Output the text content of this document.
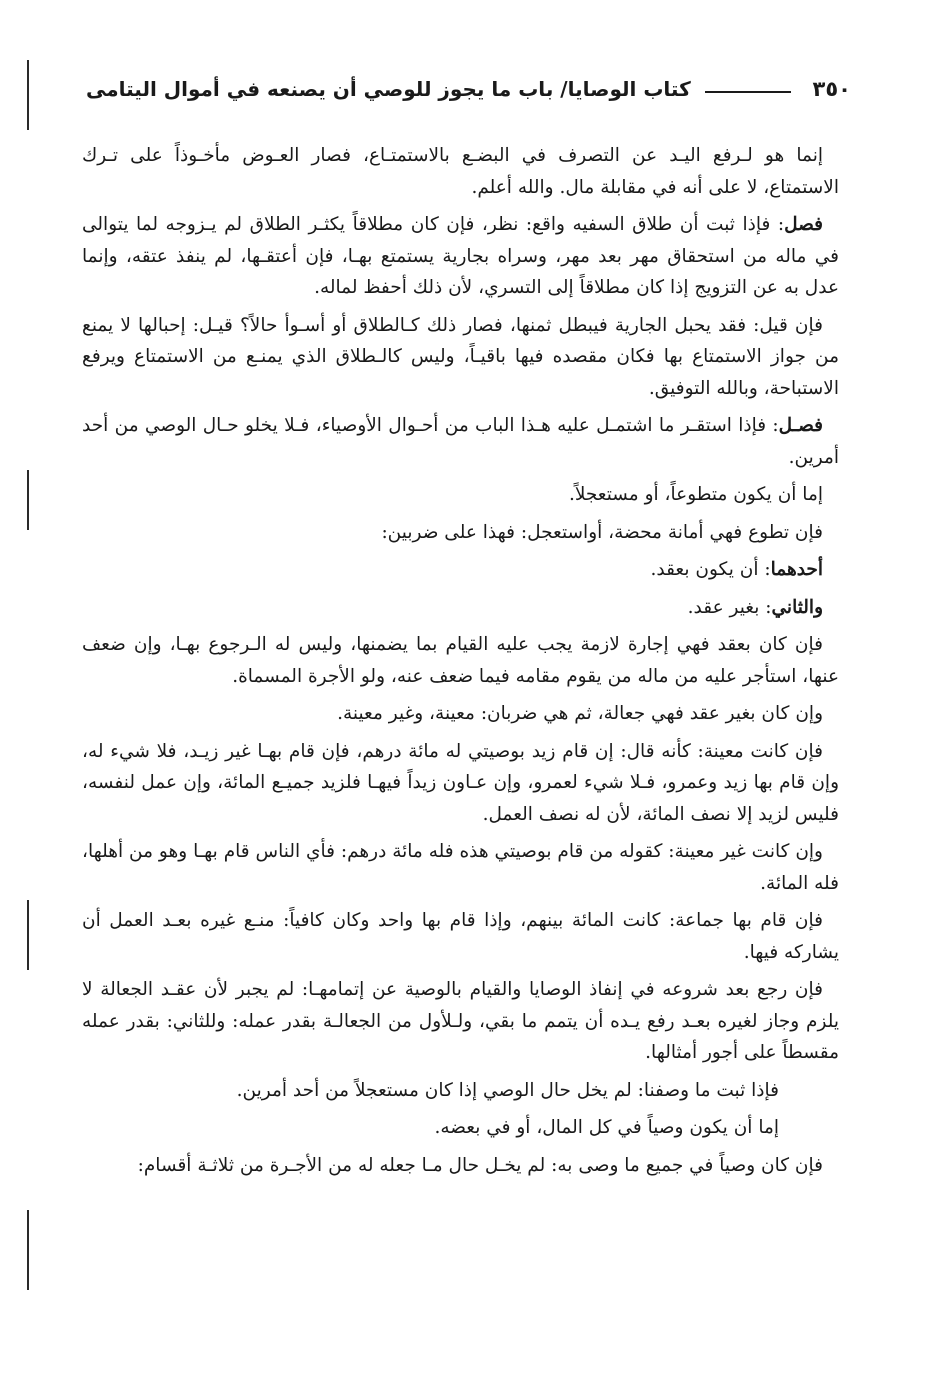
٣٥٠
كتاب الوصايا/ باب ما يجوز للوصي أن يصنعه في أموال اليتامى

إنما هو لـرفع اليـد عن التصرف في البضـع بالاستمتـاع، فصار العـوض مأخـوذاً على تـرك الاستمتاع، لا على أنه في مقابلة مال. والله أعلم.

فصل: فإذا ثبت أن طلاق السفيه واقع: نظر، فإن كان مطلاقاً يكثـر الطلاق لم يـزوجه لما يتوالى في ماله من استحقاق مهر بعد مهر، وسراه بجارية يستمتع بهـا، فإن أعتقـها، لم ينفذ عتقه، وإنما عدل به عن التزويج إذا كان مطلاقاً إلى التسري، لأن ذلك أحفظ لماله.

فإن قيل: فقد يحبل الجارية فيبطل ثمنها، فصار ذلك كـالطلاق أو أسـوأ حالاً؟ قيـل: إحبالها لا يمنع من جواز الاستمتاع بها فكان مقصده فيها باقيـاً، وليس كالـطلاق الذي يمنـع من الاستمتاع ويرفع الاستباحة، وبالله التوفيق.

فصـل: فإذا استقـر ما اشتمـل عليه هـذا الباب من أحـوال الأوصياء، فـلا يخلو حـال الوصي من أحد أمرين.

إما أن يكون متطوعاً، أو مستعجلاً.

فإن تطوع فهي أمانة محضة، أواستعجل: فهذا على ضربين:

أحدهما: أن يكون بعقد.

والثاني: بغير عقد.

فإن كان بعقد فهي إجارة لازمة يجب عليه القيام بما يضمنها، وليس له الـرجوع بهـا، وإن ضعف عنها، استأجر عليه من ماله من يقوم مقامه فيما ضعف عنه، ولو الأجرة المسماة.

وإن كان بغير عقد فهي جعالة، ثم هي ضربان: معينة، وغير معينة.

فإن كانت معينة: كأنه قال: إن قام زيد بوصيتي له مائة درهم، فإن قام بهـا غير زيـد، فلا شيء له، وإن قام بها زيد وعمرو، فـلا شيء لعمرو، وإن عـاون زيداً فيهـا فلزيد جميـع المائة، وإن عمل لنفسه، فليس لزيد إلا نصف المائة، لأن له نصف العمل.

وإن كانت غير معينة: كقوله من قام بوصيتي هذه فله مائة درهم: فأي الناس قام بهـا وهو من أهلها، فله المائة.

فإن قام بها جماعة: كانت المائة بينهم، وإذا قام بها واحد وكان كافياً: منـع غيره بعـد العمل أن يشاركه فيها.

فإن رجع بعد شروعه في إنفاذ الوصايا والقيام بالوصية عن إتمامهـا: لم يجبر لأن عقـد الجعالة لا يلزم وجاز لغيره بعـد رفع يـده أن يتمم ما بقي، ولـلأول من الجعالـة بقدر عمله: وللثاني: بقدر عمله مقسطاً على أجور أمثالها.

فإذا ثبت ما وصفنا: لم يخل حال الوصي إذا كان مستعجلاً من أحد أمرين.

إما أن يكون وصياً في كل المال، أو في بعضه.

فإن كان وصياً في جميع ما وصى به: لم يخـل حال مـا جعله له من الأجـرة من ثلاثـة أقسام:
